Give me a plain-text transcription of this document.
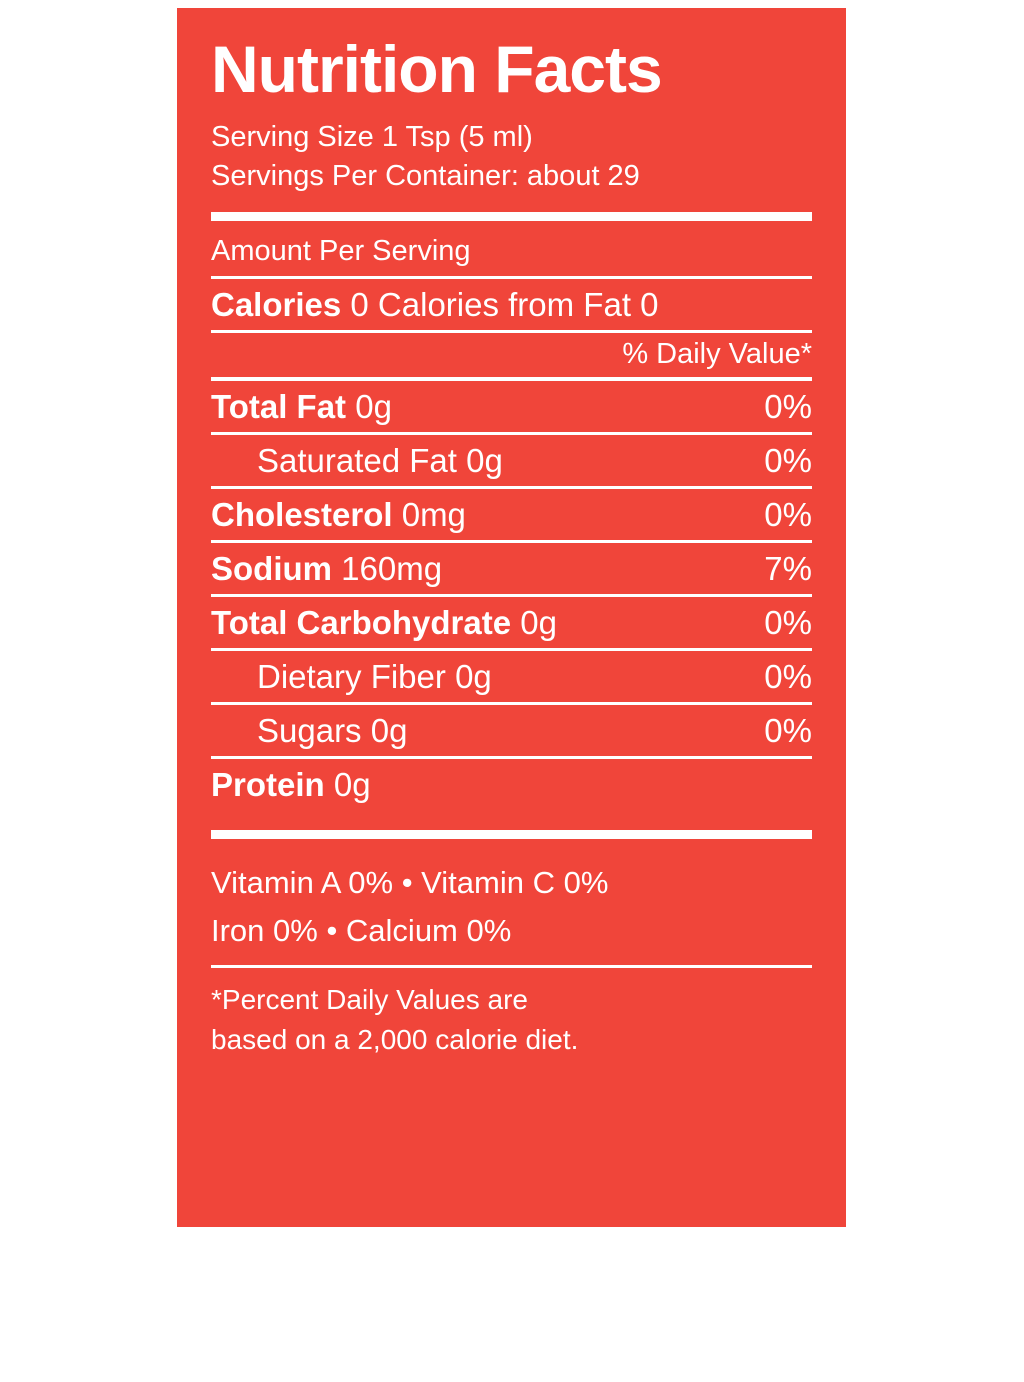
Nutrition Facts
Serving Size 1 Tsp (5 ml)
Servings Per Container: about 29
Amount Per Serving
Calories 0 Calories from Fat 0
% Daily Value*
Total Fat 0g	0%
Saturated Fat 0g	0%
Cholesterol 0mg	0%
Sodium 160mg	7%
Total Carbohydrate 0g	0%
Dietary Fiber 0g	0%
Sugars 0g	0%
Protein 0g
Vitamin A 0% • Vitamin C 0%
Iron 0% • Calcium 0%
*Percent Daily Values are
based on a 2,000 calorie diet.
